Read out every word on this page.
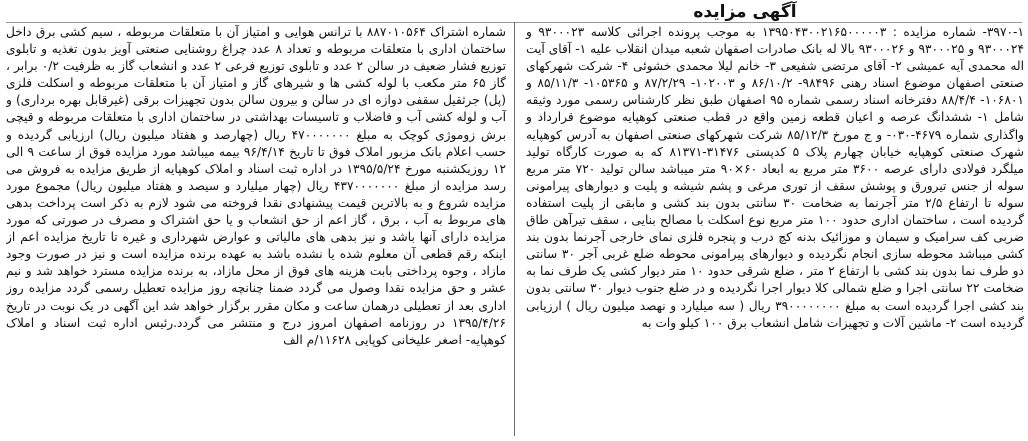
آگهی مزایده

۳۹۷۰-۱- شماره مزایده : ۱۳۹۵۰۴۳۰۰۲۱۶۵۰۰۰۰۰۳ به موجب پرونده اجرائی کلاسه ۹۳۰۰۰۲۳ و ۹۳۰۰۰۲۴ و ۹۳۰۰۰۲۵ و ۹۳۰۰۰۲۶ بالا له بانک صادرات اصفهان شعبه میدان انقلاب علیه ۱- آقای آیت اله محمدی آیه عمیشی ۲- آقای مرتضی شفیعی ۳- خانم لیلا محمدی خشوئی ۴- شرکت شهرکهای صنعتی اصفهان موضوع اسناد رهنی ۹۸۴۹۶- ۸۶/۱۰/۲ و ۱۰۲۰۰۳- ۸۷/۲/۲۹ و ۱۰۵۳۶۵- ۸۵/۱۱/۳ و ۱۰۶۸۰۱- ۸۸/۴/۴ دفترخانه اسناد رسمی شماره ۹۵ اصفهان طبق نظر کارشناس رسمی مورد وثیقه شامل ۱- ششدانگ عرصه و اعیان قطعه زمین واقع در قطب صنعتی کوهپایه موضوع قرارداد و واگذاری شماره ۴۶۷۹-۰۳۰- و ج مورخ ۸۵/۱۲/۳ شرکت شهرکهای صنعتی اصفهان به آدرس کوهپایه شهرک صنعتی کوهپایه خیابان چهارم پلاک ۵ کدپستی ۳۱۴۷۶-۸۱۳۷۱ که به صورت کارگاه تولید میلگرد فولادی دارای عرصه ۳۶۰۰ متر مربع به ابعاد ۶۰×۹۰ متر میباشد سالن تولید ۷۲۰ متر مربع سوله از جنس تیرورق و پوشش سقف از توری مرغی و پشم شیشه و پلیت و دیوارهای پیرامونی سوله تا ارتفاع ۲/۵ متر آجرنما به ضخامت ۳۰ سانتی بدون بند کشی و مابقی از پلیت استفاده گردیده است ، ساختمان اداری حدود ۱۰۰ متر مربع نوع اسکلت با مصالح بنایی ، سقف تیرآهن طاق ضربی کف سرامیک و سیمان و موزائیک بدنه کچ درب و پنجره فلزی نمای خارجی آجرنما بدون بند کشی میباشد محوطه سازی انجام نگردیده و دیوارهای پیرامونی محوطه ضلع غربی آجر ۳۰ سانتی دو طرف نما بدون بند کشی با ارتفاع ۲ متر ، ضلع شرقی حدود ۱۰ متر دیوار کشی یک طرف نما به ضخامت ۲۲ سانتی اجرا و ضلع شمالی کلا دیوار اجرا نگردیده و در ضلع جنوب دیوار ۳۰ سانتی بدون بند کشی اجرا گردیده است به مبلغ ۳۹۰۰۰۰۰۰۰۰ ریال ( سه میلیارد و نهصد میلیون ریال ) ارزیابی گردیده است ۲- ماشین آلات و تجهیزات شامل انشعاب برق ۱۰۰ کیلو وات به

شماره اشتراک ۸۸۷۰۱۰۵۶۴ با ترانس هوایی و امتیاز آن با متعلقات مربوطه ، سیم کشی برق داخل ساختمان اداری با متعلقات مربوطه و تعداد ۸ عدد چراغ روشنایی صنعتی آویز بدون تغذیه و تابلوی توزیع فشار ضعیف در سالن ۲ عدد و تابلوی توزیع فرعی ۲ عدد و انشعاب گاز به ظرفیت ۰/۲ برابر ، گاز ۶۵ متر مکعب با لوله کشی ها و شیرهای گاز و امتیاز آن با متعلقات مربوطه و اسکلت فلزی (پل) جرثقیل سقفی دوازه ای در سالن و بیرون سالن بدون تجهیزات برقی (غیرقابل بهره برداری) و آب و لوله کشی آب و فاضلاب و تاسیسات بهداشتی در ساختمان اداری با متعلقات مربوطه و قیچی برش زوموژی کوچک به مبلغ ۴۷۰۰۰۰۰۰۰ ریال (چهارصد و هفتاد میلیون ریال) ارزیابی گردیده و حسب اعلام بانک مزبور املاک فوق تا تاریخ ۹۶/۴/۱۴ بیمه میباشد مورد مزایده فوق از ساعت ۹ الی ۱۲ روزیکشنبه مورخ ۱۳۹۵/۵/۲۴ در اداره ثبت اسناد و املاک کوهپایه از طریق مزایده به فروش می رسد مزایده از مبلغ ۴۳۷۰۰۰۰۰۰۰ ریال (چهار میلیارد و سیصد و هفتاد میلیون ریال) مجموع مورد مزایده شروع و به بالاترین قیمت پیشنهادی نقدا فروخته می شود لازم به ذکر است پرداخت بدهی های مربوط به آب ، برق ، گاز اعم از حق انشعاب و یا حق اشتراک و مصرف در صورتی که مورد مزایده دارای آنها باشد و نیز بدهی های مالیاتی و عوارض شهرداری و غیره تا تاریخ مزایده اعم از اینکه رقم قطعی آن معلوم شده یا نشده باشد به عهده برنده مزایده است و نیز در صورت وجود مازاد ، وجوه پرداختی بابت هزینه های فوق از محل مازاد، به برنده مزایده مسترد خواهد شد و نیم عشر و حق مزایده نقدا وصول می گردد ضمنا چنانچه روز مزایده تعطیل رسمی گردد مزایده روز اداری بعد از تعطیلی درهمان ساعت و مکان مقرر برگزار خواهد شد این آگهی در یک نوبت در تاریخ ۱۳۹۵/۴/۲۶ در روزنامه اصفهان امروز درج و منتشر می گردد.رئیس اداره ثبت اسناد و املاک کوهپایه- اصغر علیخانی کوپایی ۱۱۶۲۸/م الف
